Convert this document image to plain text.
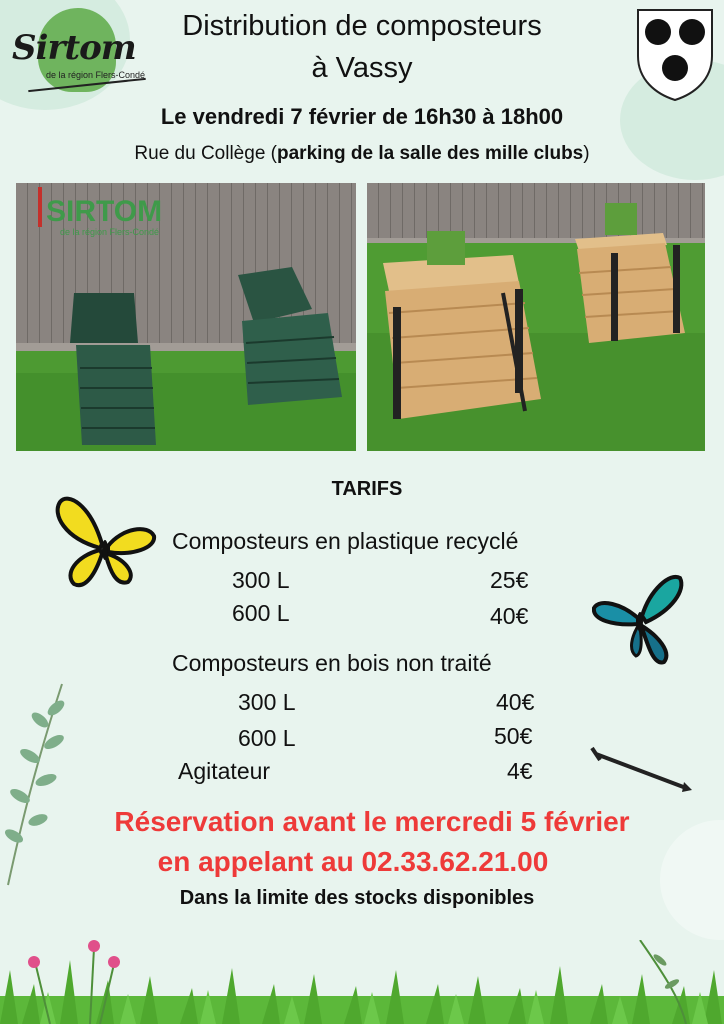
Sirtom
de la région Flers-Condé
Distribution de composteurs
à Vassy
Le vendredi 7 février de 16h30 à 18h00
Rue du Collège (parking de la salle des mille clubs)
SIRTOM
de la région Flers-Condé
TARIFS
Composteurs en plastique recyclé
300 L	25€
600 L	40€
Composteurs en bois non traité
300 L	40€
600 L	50€
Agitateur	4€
Réservation avant le mercredi 5 février
en appelant au 02.33.62.21.00
Dans la limite des stocks disponibles
